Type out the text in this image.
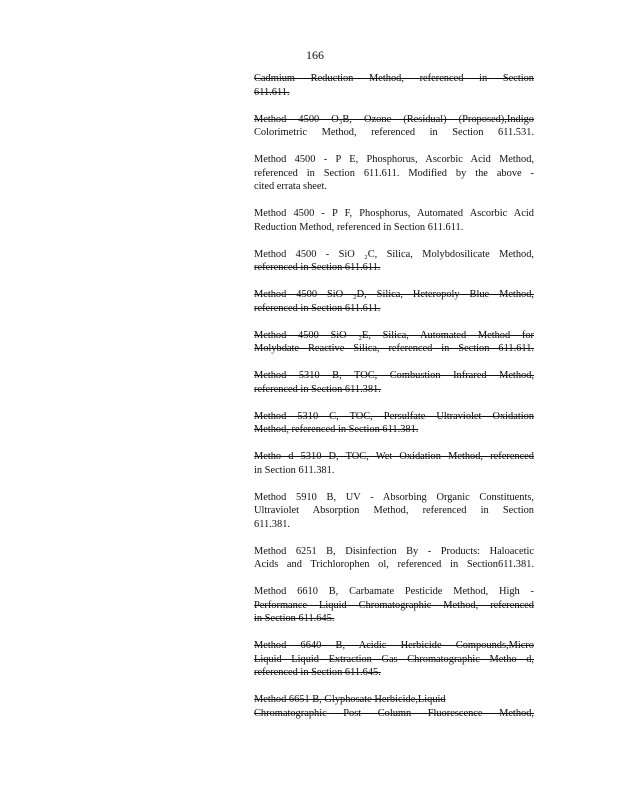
166
Cadmium Reduction Method, referenced in Section
611.611.
Method 4500 O₃B, Ozone (Residual) (Proposed),Indigo
Colorimetric Method, referenced in Section 611.531.
Method 4500 - P E, Phosphorus, Ascorbic Acid Method,
referenced in Section 611.611. Modified by the above -
cited errata sheet.
Method 4500 - P F, Phosphorus, Automated Ascorbic Acid
Reduction Method, referenced in Section 611.611.
Method 4500 - SiO ₂C, Silica, Molybdosilicate Method,
referenced in Section 611.611.
Method 4500 SiO ₂D, Silica, Heteropoly Blue Method,
referenced in Section 611.611.
Method 4500 SiO ₂E, Silica, Automated Method for
Molybdate Reactive Silica, referenced in Section 611.611.
Method 5310 B, TOC, Combustion Infrared Method,
referenced in Section 611.381.
Method 5310 C, TOC, Persulfate Ultraviolet Oxidation
Method, referenced in Section 611.381.
Metho d 5310 D, TOC, Wet Oxidation Method, referenced
in Section 611.381.
Method 5910 B, UV - Absorbing Organic Constituents,
Ultraviolet Absorption Method, referenced in Section
611.381.
Method 6251 B, Disinfection By - Products: Haloacetic
Acids and Trichlorophen ol, referenced in Section611.381.
Method 6610 B, Carbamate Pesticide Method, High -
Performance Liquid Chromatographic Method, referenced
in Section 611.645.
Method 6640 B, Acidic Herbicide Compounds,Micro
Liquid Liquid Extraction Gas Chromatographic Metho d,
referenced in Section 611.645.
Method 6651 B, Glyphosate Herbicide,Liquid
Chromatographic Post Column Fluorescence Method,
